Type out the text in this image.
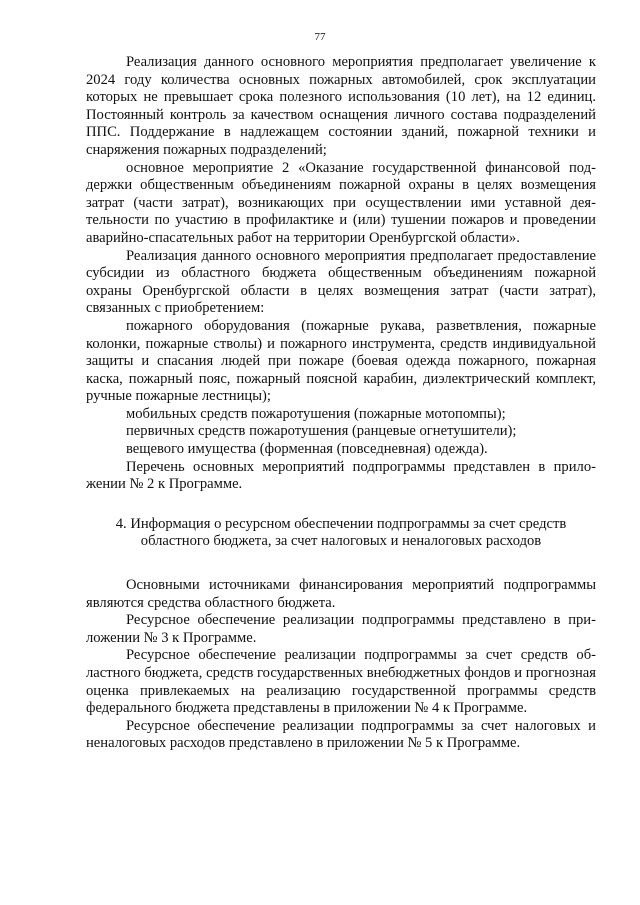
77

Реализация данного основного мероприятия предполагает увеличение к 2024 году количества основных пожарных автомобилей, срок эксплуатации которых не превышает срока полезного использования (10 лет), на 12 единиц. Постоянный контроль за качеством оснащения личного состава подразделений ППС. Поддержание в надлежащем состоянии зданий, пожарной техники и снаряжения пожарных подразделений;

основное мероприятие 2 «Оказание государственной финансовой поддержки общественным объединениям пожарной охраны в целях возмещения затрат (части затрат), возникающих при осуществлении ими уставной деятельности по участию в профилактике и (или) тушении пожаров и проведении аварийно-спасательных работ на территории Оренбургской области».

Реализация данного основного мероприятия предполагает предоставление субсидии из областного бюджета общественным объединениям пожарной охраны Оренбургской области в целях возмещения затрат (части затрат), связанных с приобретением:

пожарного оборудования (пожарные рукава, разветвления, пожарные колонки, пожарные стволы) и пожарного инструмента, средств индивидуальной защиты и спасания людей при пожаре (боевая одежда пожарного, пожарная каска, пожарный пояс, пожарный поясной карабин, диэлектрический комплект, ручные пожарные лестницы);

мобильных средств пожаротушения (пожарные мотопомпы);

первичных средств пожаротушения (ранцевые огнетушители);

вещевого имущества (форменная (повседневная) одежда).

Перечень основных мероприятий подпрограммы представлен в приложении № 2 к Программе.

4. Информация о ресурсном обеспечении подпрограммы за счет средств
областного бюджета, за счет налоговых и неналоговых расходов

Основными источниками финансирования мероприятий подпрограммы являются средства областного бюджета.

Ресурсное обеспечение реализации подпрограммы представлено в приложении № 3 к Программе.

Ресурсное обеспечение реализации подпрограммы за счет средств областного бюджета, средств государственных внебюджетных фондов и прогнозная оценка привлекаемых на реализацию государственной программы средств федерального бюджета представлены в приложении № 4 к Программе.

Ресурсное обеспечение реализации подпрограммы за счет налоговых и неналоговых расходов представлено в приложении № 5 к Программе.
